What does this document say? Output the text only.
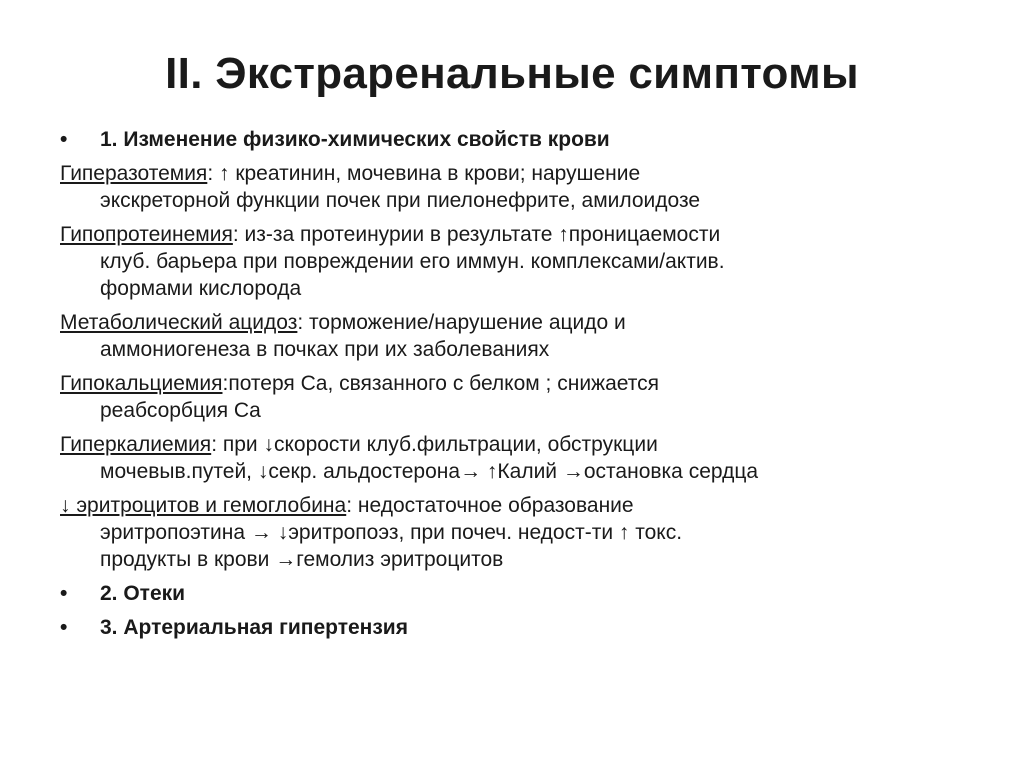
II. Экстраренальные симптомы
•	1. Изменение физико-химических свойств крови
Гиперазотемия: ↑ креатинин, мочевина в крови; нарушение
экскреторной функции почек при пиелонефрите, амилоидозе
Гипопротеинемия: из-за протеинурии в результате ↑проницаемости
клуб. барьера при повреждении его иммун. комплексами/актив.
формами кислорода
Метаболический ацидоз: торможение/нарушение ацидо и
аммониогенеза в почках при их заболеваниях
Гипокальциемия:потеря Ca, связанного с белком ; снижается
реабсорбция Ca
Гиперкалиемия: при ↓скорости клуб.фильтрации, обструкции
мочевыв.путей, ↓секр. альдостерона→ ↑Калий →остановка сердца
↓ эритроцитов и гемоглобина: недостаточное образование
эритропоэтина → ↓эритропоэз, при почеч. недост-ти ↑ токс.
продукты в крови →гемолиз эритроцитов
•	2. Отеки
•	3. Артериальная гипертензия
